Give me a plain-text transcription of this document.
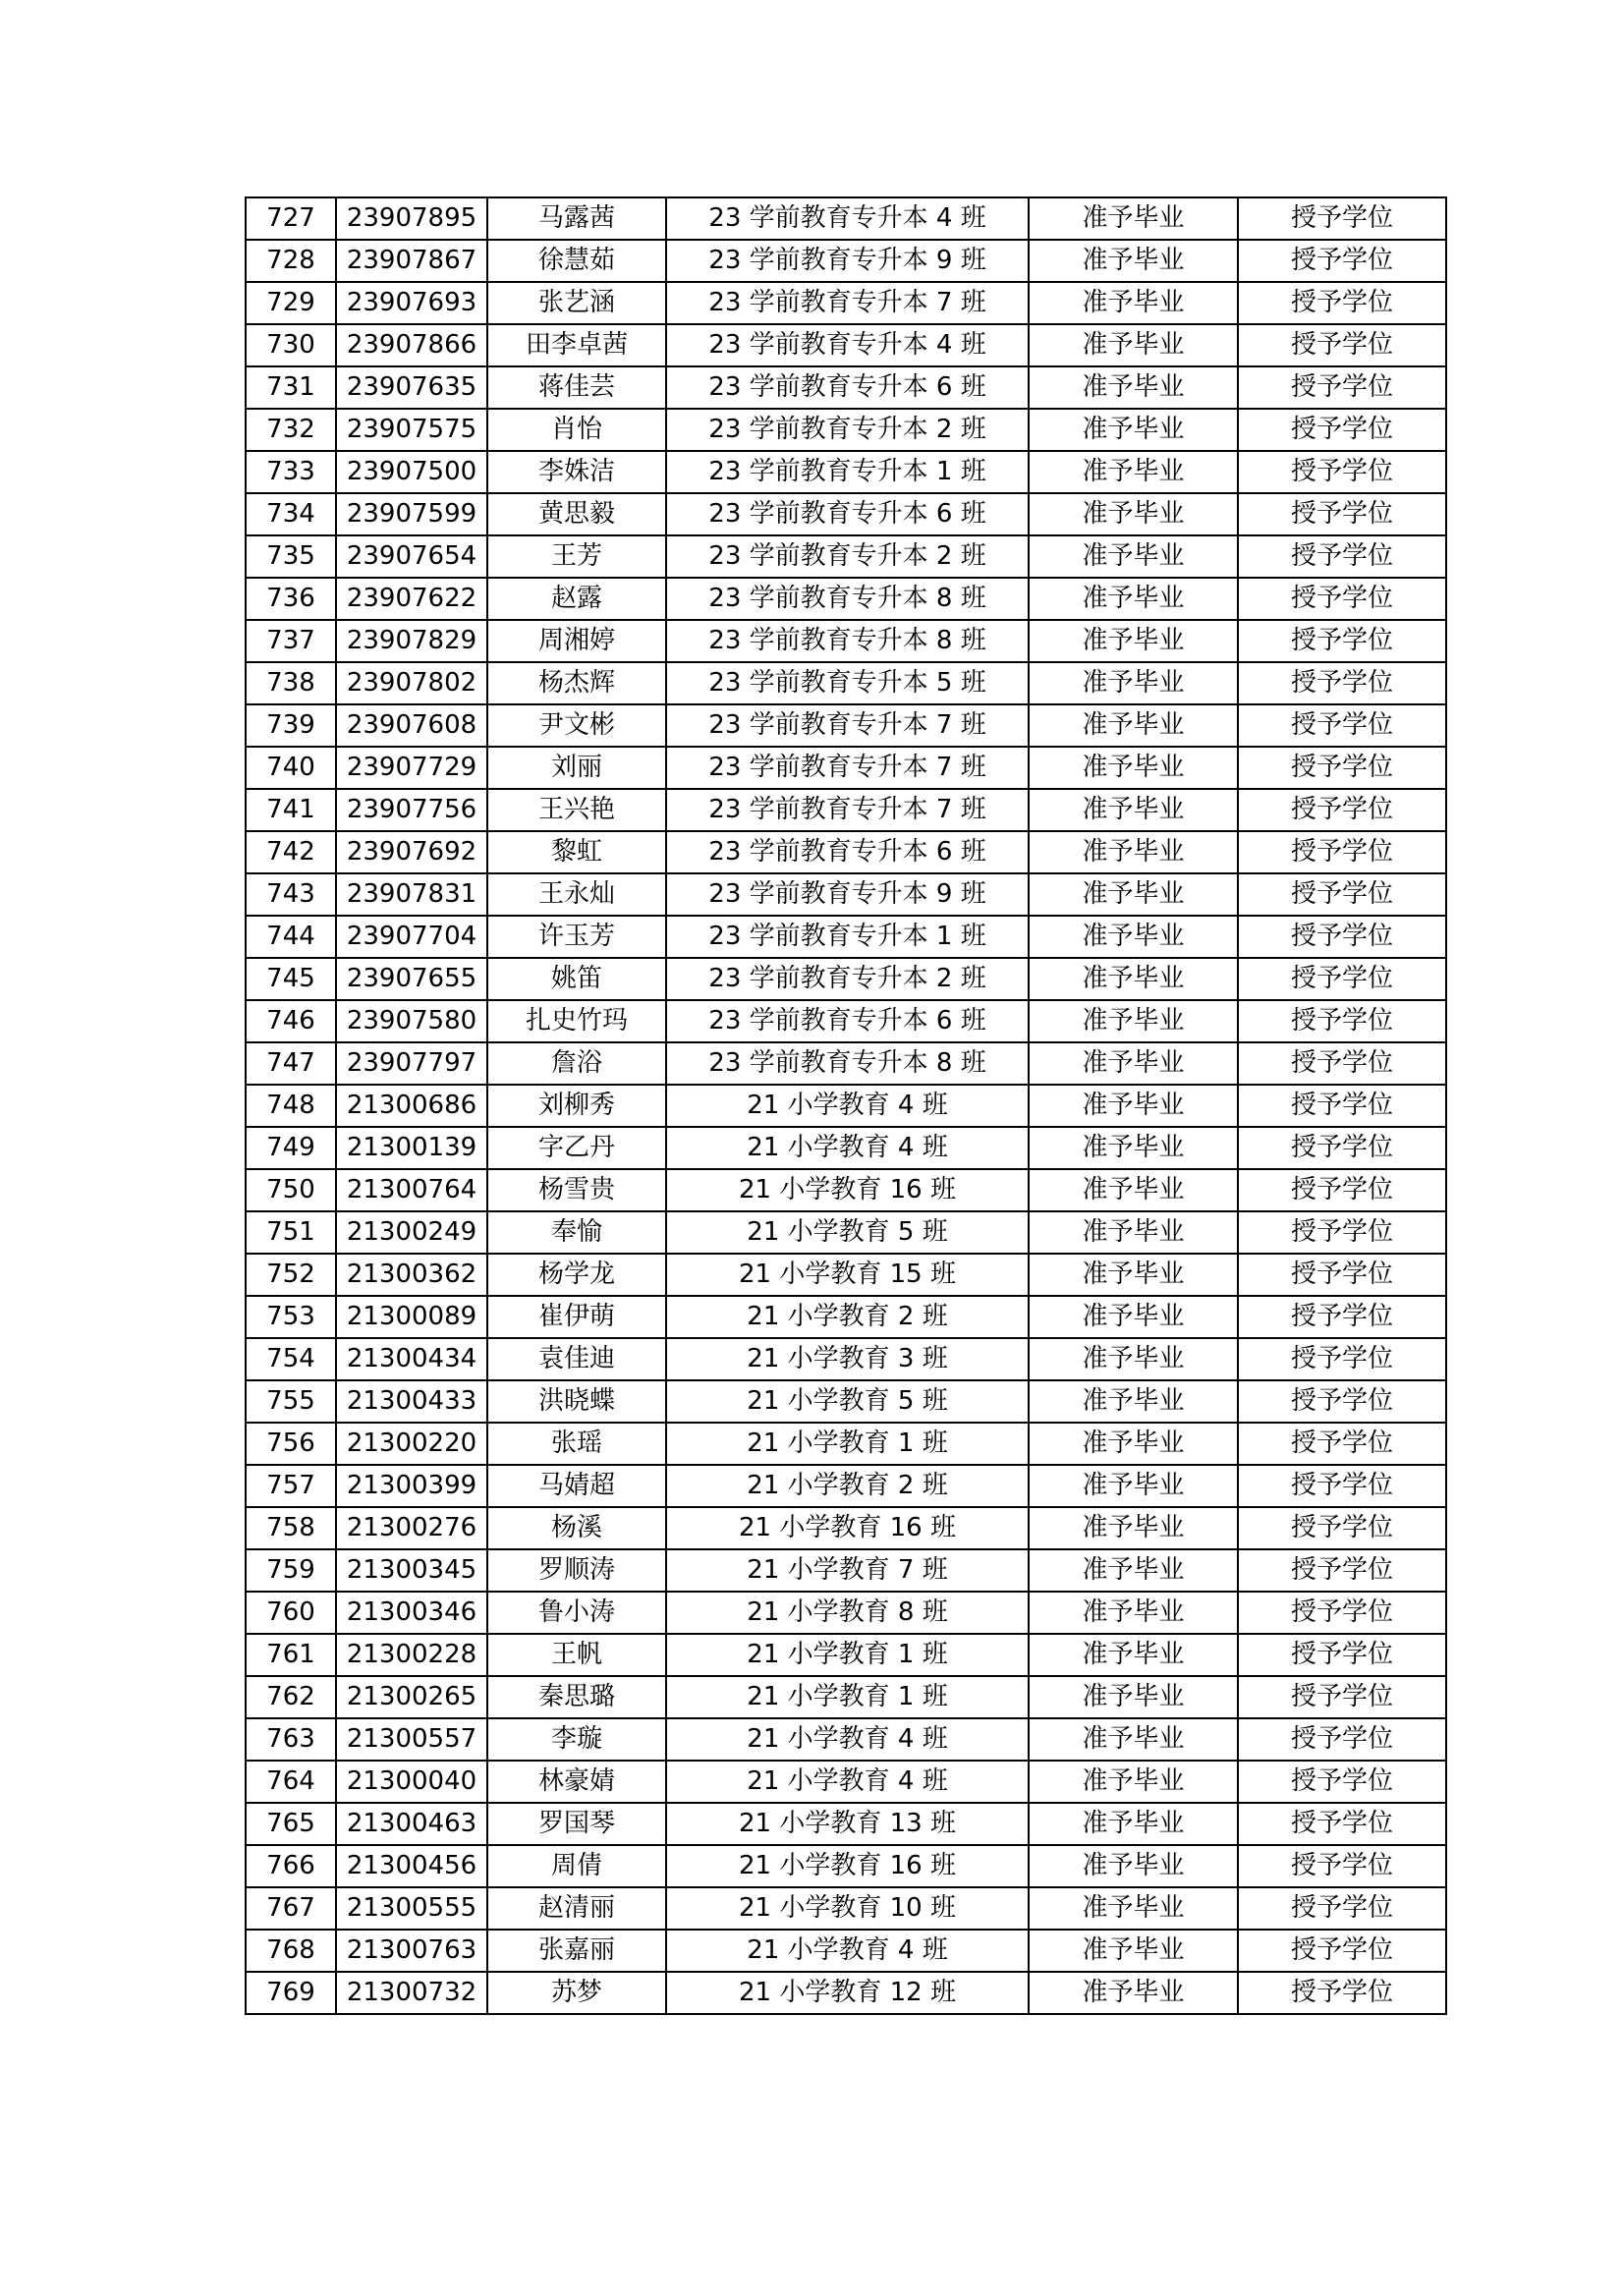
727	23907895	马露茜	23 学前教育专升本 4 班	准予毕业	授予学位
728	23907867	徐慧茹	23 学前教育专升本 9 班	准予毕业	授予学位
729	23907693	张艺涵	23 学前教育专升本 7 班	准予毕业	授予学位
730	23907866	田李卓茜	23 学前教育专升本 4 班	准予毕业	授予学位
731	23907635	蒋佳芸	23 学前教育专升本 6 班	准予毕业	授予学位
732	23907575	肖怡	23 学前教育专升本 2 班	准予毕业	授予学位
733	23907500	李姝洁	23 学前教育专升本 1 班	准予毕业	授予学位
734	23907599	黄思毅	23 学前教育专升本 6 班	准予毕业	授予学位
735	23907654	王芳	23 学前教育专升本 2 班	准予毕业	授予学位
736	23907622	赵露	23 学前教育专升本 8 班	准予毕业	授予学位
737	23907829	周湘婷	23 学前教育专升本 8 班	准予毕业	授予学位
738	23907802	杨杰辉	23 学前教育专升本 5 班	准予毕业	授予学位
739	23907608	尹文彬	23 学前教育专升本 7 班	准予毕业	授予学位
740	23907729	刘丽	23 学前教育专升本 7 班	准予毕业	授予学位
741	23907756	王兴艳	23 学前教育专升本 7 班	准予毕业	授予学位
742	23907692	黎虹	23 学前教育专升本 6 班	准予毕业	授予学位
743	23907831	王永灿	23 学前教育专升本 9 班	准予毕业	授予学位
744	23907704	许玉芳	23 学前教育专升本 1 班	准予毕业	授予学位
745	23907655	姚笛	23 学前教育专升本 2 班	准予毕业	授予学位
746	23907580	扎史竹玛	23 学前教育专升本 6 班	准予毕业	授予学位
747	23907797	詹浴	23 学前教育专升本 8 班	准予毕业	授予学位
748	21300686	刘柳秀	21 小学教育 4 班	准予毕业	授予学位
749	21300139	字乙丹	21 小学教育 4 班	准予毕业	授予学位
750	21300764	杨雪贵	21 小学教育 16 班	准予毕业	授予学位
751	21300249	奉愉	21 小学教育 5 班	准予毕业	授予学位
752	21300362	杨学龙	21 小学教育 15 班	准予毕业	授予学位
753	21300089	崔伊萌	21 小学教育 2 班	准予毕业	授予学位
754	21300434	袁佳迪	21 小学教育 3 班	准予毕业	授予学位
755	21300433	洪晓蝶	21 小学教育 5 班	准予毕业	授予学位
756	21300220	张瑶	21 小学教育 1 班	准予毕业	授予学位
757	21300399	马婧超	21 小学教育 2 班	准予毕业	授予学位
758	21300276	杨溪	21 小学教育 16 班	准予毕业	授予学位
759	21300345	罗顺涛	21 小学教育 7 班	准予毕业	授予学位
760	21300346	鲁小涛	21 小学教育 8 班	准予毕业	授予学位
761	21300228	王帆	21 小学教育 1 班	准予毕业	授予学位
762	21300265	秦思璐	21 小学教育 1 班	准予毕业	授予学位
763	21300557	李璇	21 小学教育 4 班	准予毕业	授予学位
764	21300040	林豪婧	21 小学教育 4 班	准予毕业	授予学位
765	21300463	罗国琴	21 小学教育 13 班	准予毕业	授予学位
766	21300456	周倩	21 小学教育 16 班	准予毕业	授予学位
767	21300555	赵清丽	21 小学教育 10 班	准予毕业	授予学位
768	21300763	张嘉丽	21 小学教育 4 班	准予毕业	授予学位
769	21300732	苏梦	21 小学教育 12 班	准予毕业	授予学位
